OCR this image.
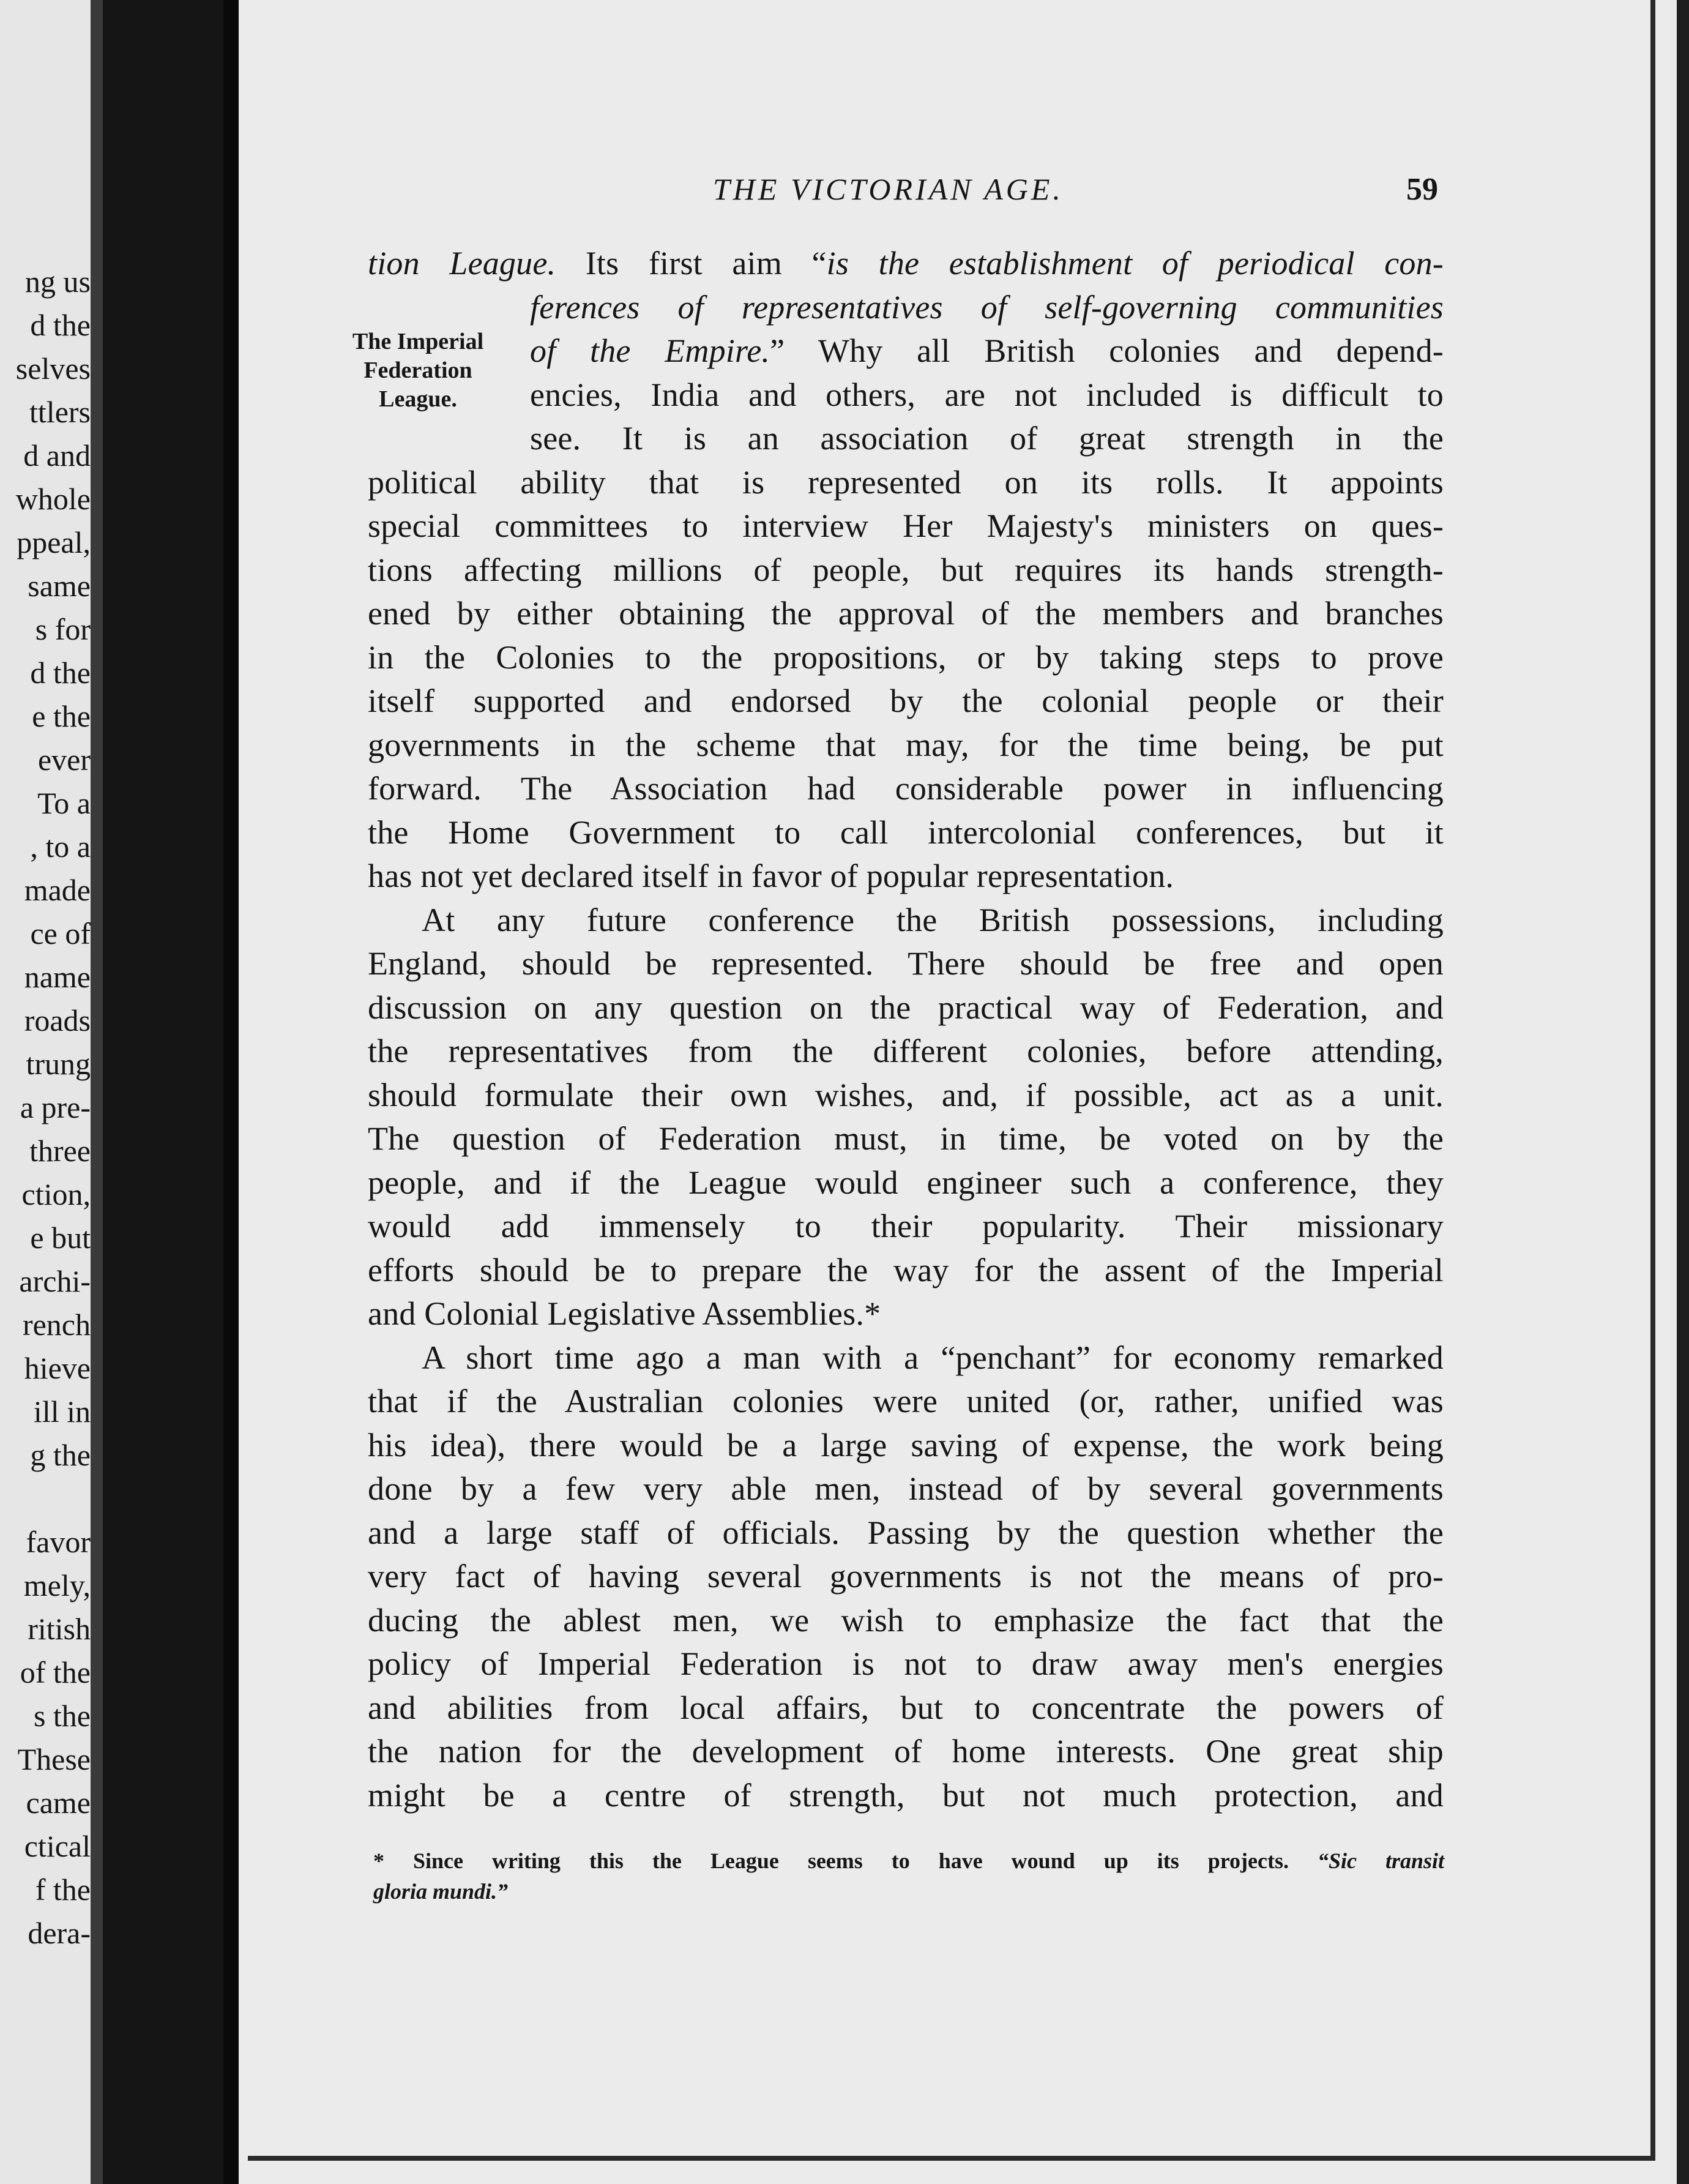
ng us
d the
selves
ttlers
d and
whole
ppeal,
same
s for
d the
e the
ever
To a
, to a
made
ce of
name
roads
trung
a pre-
three
ction,
e but
archi-
rench
hieve
ill in
g the
favor
mely,
ritish
of the
s the
These
came
ctical
f the
dera-
THE VICTORIAN AGE.	59
The Imperial
Federation
League.
tion League. Its first aim “is the establishment of periodical con-
ferences of representatives of self-governing communities
of the Empire.” Why all British colonies and depend-
encies, India and others, are not included is difficult to
see. It is an association of great strength in the
political ability that is represented on its rolls. It appoints
special committees to interview Her Majesty's ministers on ques-
tions affecting millions of people, but requires its hands strength-
ened by either obtaining the approval of the members and branches
in the Colonies to the propositions, or by taking steps to prove
itself supported and endorsed by the colonial people or their
governments in the scheme that may, for the time being, be put
forward. The Association had considerable power in influencing
the Home Government to call intercolonial conferences, but it
has not yet declared itself in favor of popular representation.
At any future conference the British possessions, including
England, should be represented. There should be free and open
discussion on any question on the practical way of Federation, and
the representatives from the different colonies, before attending,
should formulate their own wishes, and, if possible, act as a unit.
The question of Federation must, in time, be voted on by the
people, and if the League would engineer such a conference, they
would add immensely to their popularity. Their missionary
efforts should be to prepare the way for the assent of the Imperial
and Colonial Legislative Assemblies.*
A short time ago a man with a “penchant” for economy remarked
that if the Australian colonies were united (or, rather, unified was
his idea), there would be a large saving of expense, the work being
done by a few very able men, instead of by several governments
and a large staff of officials. Passing by the question whether the
very fact of having several governments is not the means of pro-
ducing the ablest men, we wish to emphasize the fact that the
policy of Imperial Federation is not to draw away men's energies
and abilities from local affairs, but to concentrate the powers of
the nation for the development of home interests. One great ship
might be a centre of strength, but not much protection, and
* Since writing this the League seems to have wound up its projects. “Sic transit
gloria mundi.”
